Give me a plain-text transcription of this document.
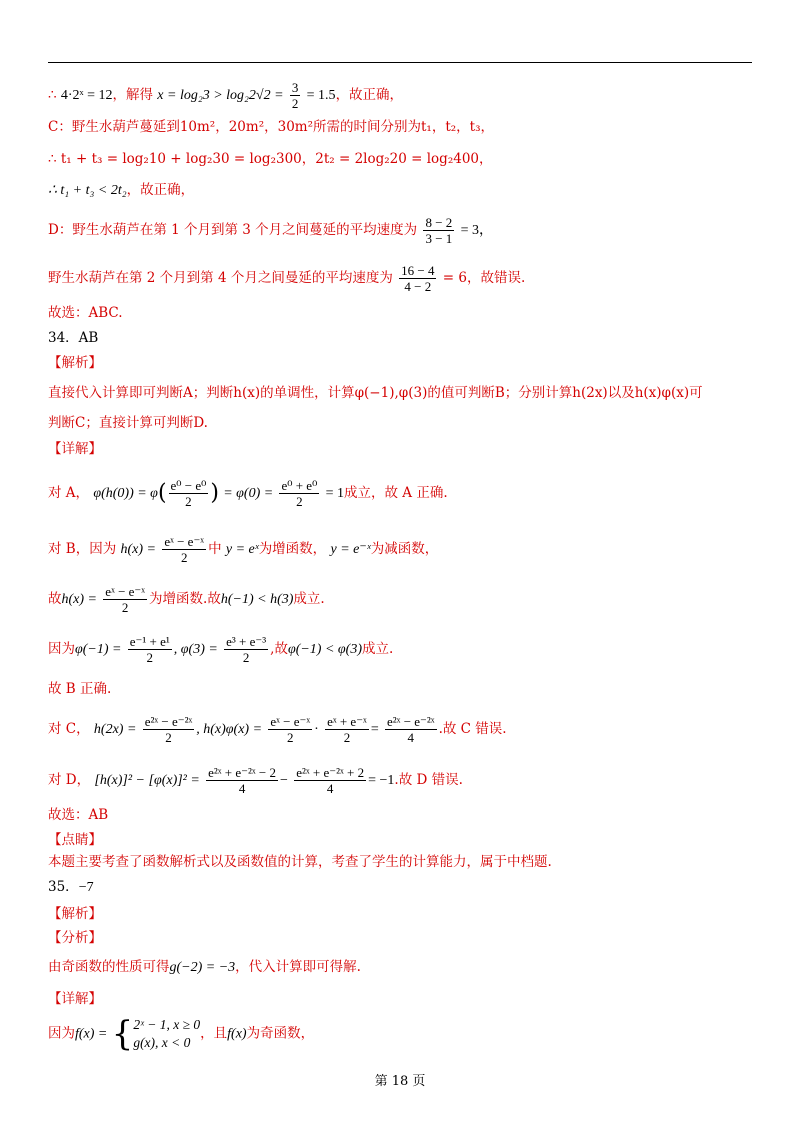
∴ 4·2ˣ = 12，解得 $x = \log_23 > \log_22√2 = \frac{3}{2} = 1.5$，故正确，
C：野生水葫芦蔓延到10m²，20m²，30m²所需的时间分别为t₁，t₂，t₃，
∴ t₁ + t₃ = log₂10 + log₂30 = log₂300，2t₂ = 2log₂20 = log₂400，
∴ t₁ + t₃ < 2t₂，故正确，
D：野生水葫芦在第 1 个月到第 3 个月之间蔓延的平均速度为 $\frac{8 - 2}{3 - 1} = 3$，
野生水葫芦在第 2 个月到第 4 个月之间曼延的平均速度为 $\frac{16 - 4}{4 - 2} = 6$，故错误.
故选：ABC.
34．AB
【解析】
直接代入计算即可判断A；判断h(x)的单调性，计算φ(−1),φ(3)的值可判断B；分别计算h(2x)以及h(x)φ(x)可
判断C；直接计算可判断D.
【详解】
对 A， $\varphi(h(0)) = \varphi( \frac{\text{e⁰ − e⁰}}{2}$ ) = $\varphi(0) = \frac{\text{e⁰ + e⁰}}{2} = 1$成立，故 A 正确.
对 B，因为 $h(x) = \frac{\text{eˣ − e⁻ˣ}}{2}$ 中 y = eˣ为增函数， y = e⁻ˣ为减函数，
故$h(x) = \frac{\text{eˣ − e⁻ˣ}}{2}$ 为增函数.故h(−1) < h(3)成立.
因为$\varphi(-1) = \frac{\text{e⁻¹ + e¹}}{2}$ , $\varphi(3) = \frac{\text{e³ + e⁻³}}{2}$ ,故φ(−1) < φ(3)成立.
故 B 正确.
对 C， $h(2x) = \frac{\text{e²ˣ − e⁻²ˣ}}{2}$ , $h(x)\varphi(x) = \frac{\text{eˣ − e⁻ˣ}}{2} \cdot \frac{\text{eˣ + e⁻ˣ}}{2} = \frac{\text{e²ˣ − e⁻²ˣ}}{4}$ .故 C 错误.
对 D， $[h(x)]^2 - [\varphi(x)]^2 = \frac{\text{e²ˣ + e⁻²ˣ − 2}}{4} - \frac{\text{e²ˣ + e⁻²ˣ + 2}}{4} = -1$.故 D 错误.
故选：AB
【点睛】
本题主要考查了函数解析式以及函数值的计算，考查了学生的计算能力，属于中档题.
35．−7
【解析】
【分析】
由奇函数的性质可得g(−2) = −3，代入计算即可得解.
【详解】
因为f(x) = { 2ˣ − 1, x ≥ 0
g(x), x < 0
，且f(x)为奇函数，
第 18 页
